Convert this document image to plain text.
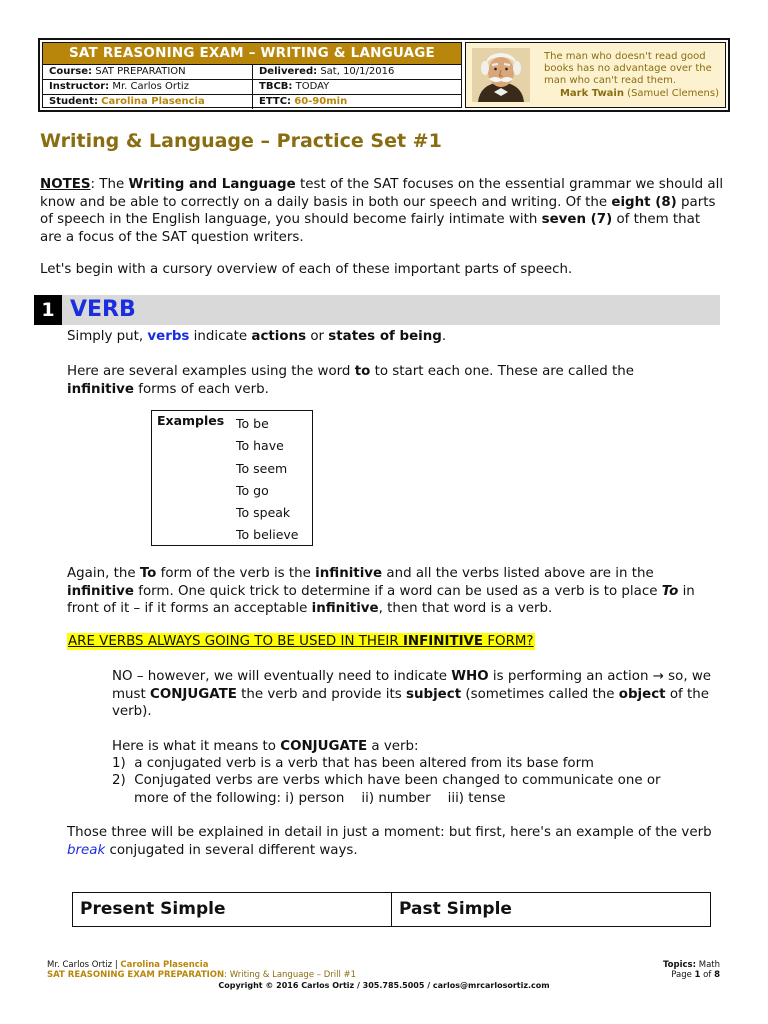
SAT REASONING EXAM – WRITING & LANGUAGE
Course: SAT PREPARATION	Delivered: Sat, 10/1/2016
Instructor: Mr. Carlos Ortiz	TBCB: TODAY
Student: Carolina Plasencia	ETTC: 60-90min
The man who doesn't read good books has no advantage over the man who can't read them.
Mark Twain (Samuel Clemens)
Writing & Language – Practice Set #1
NOTES: The Writing and Language test of the SAT focuses on the essential grammar we should all know and be able to correctly on a daily basis in both our speech and writing. Of the eight (8) parts of speech in the English language, you should become fairly intimate with seven (7) of them that are a focus of the SAT question writers.
Let's begin with a cursory overview of each of these important parts of speech.
1 VERB
Simply put, verbs indicate actions or states of being.
Here are several examples using the word to to start each one. These are called the
infinitive forms of each verb.
Examples To be
To have
To seem
To go
To speak
To believe
Again, the To form of the verb is the infinitive and all the verbs listed above are in the infinitive form. One quick trick to determine if a word can be used as a verb is to place To in front of it – if it forms an acceptable infinitive, then that word is a verb.
ARE VERBS ALWAYS GOING TO BE USED IN THEIR INFINITIVE FORM?
NO – however, we will eventually need to indicate WHO is performing an action → so, we must CONJUGATE the verb and provide its subject (sometimes called the object of the verb).
Here is what it means to CONJUGATE a verb:
1) a conjugated verb is a verb that has been altered from its base form
2) Conjugated verbs are verbs which have been changed to communicate one or
more of the following: i) person    ii) number    iii) tense
Those three will be explained in detail in just a moment: but first, here's an example of the verb break conjugated in several different ways.
Present Simple	Past Simple
Mr. Carlos Ortiz | Carolina Plasencia
SAT REASONING EXAM PREPARATION: Writing & Language – Drill #1
Topics: Math
Page 1 of 8
Copyright © 2016 Carlos Ortiz / 305.785.5005 / carlos@mrcarlosortiz.com
